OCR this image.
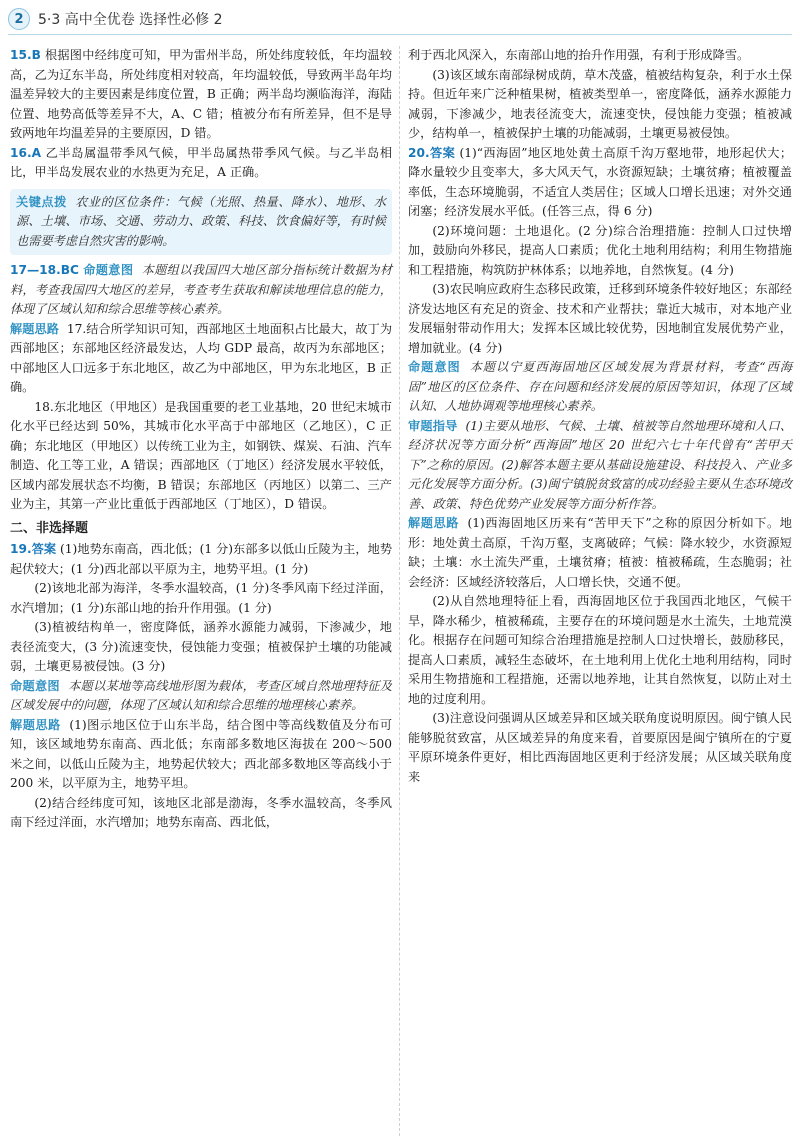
2	5·3 高中全优卷 选择性必修 2

15.B 根据图中经纬度可知，甲为雷州半岛，所处纬度较低，年均温较高，乙为辽东半岛，所处纬度相对较高，年均温较低，导致两半岛年均温差异较大的主要因素是纬度位置，B 正确；两半岛均濒临海洋，海陆位置、地势高低等差异不大，A、C 错；植被分布有所差异，但不是导致两地年均温差异的主要原因，D 错。

16.A 乙半岛属温带季风气候，甲半岛属热带季风气候。与乙半岛相比，甲半岛发展农业的水热更为充足，A 正确。

关键点拨 农业的区位条件：气候（光照、热量、降水）、地形、水源、土壤、市场、交通、劳动力、政策、科技、饮食偏好等，有时候也需要考虑自然灾害的影响。

17—18.BC 命题意图 本题组以我国四大地区部分指标统计数据为材料，考查我国四大地区的差异，考查考生获取和解读地理信息的能力，体现了区域认知和综合思维等核心素养。

解题思路 17.结合所学知识可知，西部地区土地面积占比最大，故丁为西部地区；东部地区经济最发达，人均 GDP 最高，故丙为东部地区；中部地区人口远多于东北地区，故乙为中部地区，甲为东北地区，B 正确。

18.东北地区（甲地区）是我国重要的老工业基地，20 世纪末城市化水平已经达到 50%，其城市化水平高于中部地区（乙地区），C 正确；东北地区（甲地区）以传统工业为主，如钢铁、煤炭、石油、汽车制造、化工等工业，A 错误；西部地区（丁地区）经济发展水平较低，区域内部发展状态不均衡，B 错误；东部地区（丙地区）以第二、三产业为主，其第一产业比重低于西部地区（丁地区），D 错误。

二、非选择题

19.答案 (1)地势东南高，西北低；(1 分)东部多以低山丘陵为主，地势起伏较大；(1 分)西北部以平原为主，地势平坦。(1 分)

(2)该地北部为海洋，冬季水温较高，(1 分)冬季风南下经过洋面，水汽增加；(1 分)东部山地的抬升作用强。(1 分)

(3)植被结构单一，密度降低，涵养水源能力减弱，下渗减少，地表径流变大，(3 分)流速变快，侵蚀能力变强；植被保护土壤的功能减弱，土壤更易被侵蚀。(3 分)

命题意图 本题以某地等高线地形图为载体，考查区域自然地理特征及区域发展中的问题，体现了区域认知和综合思维的地理核心素养。

解题思路 (1)图示地区位于山东半岛，结合图中等高线数值及分布可知，该区域地势东南高、西北低；东南部多数地区海拔在 200～500 米之间，以低山丘陵为主，地势起伏较大；西北部多数地区等高线小于 200 米，以平原为主，地势平坦。

(2)结合经纬度可知，该地区北部是渤海，冬季水温较高，冬季风南下经过洋面，水汽增加；地势东南高、西北低，

利于西北风深入，东南部山地的抬升作用强，有利于形成降雪。

(3)该区域东南部绿树成荫，草木茂盛，植被结构复杂，利于水土保持。但近年来广泛种植果树，植被类型单一，密度降低，涵养水源能力减弱，下渗减少，地表径流变大，流速变快，侵蚀能力变强；植被减少，结构单一，植被保护土壤的功能减弱，土壤更易被侵蚀。

20.答案 (1)“西海固”地区地处黄土高原千沟万壑地带，地形起伏大；降水量较少且变率大，多大风天气，水资源短缺；土壤贫瘠；植被覆盖率低，生态环境脆弱，不适宜人类居住；区域人口增长迅速；对外交通闭塞；经济发展水平低。(任答三点，得 6 分)

(2)环境问题：土地退化。(2 分)综合治理措施：控制人口过快增加，鼓励向外移民，提高人口素质；优化土地利用结构；利用生物措施和工程措施，构筑防护林体系；以地养地，自然恢复。(4 分)

(3)农民响应政府生态移民政策，迁移到环境条件较好地区；东部经济发达地区有充足的资金、技术和产业帮扶；靠近大城市，对本地产业发展辐射带动作用大；发挥本区域比较优势，因地制宜发展优势产业，增加就业。(4 分)

命题意图 本题以宁夏西海固地区区域发展为背景材料，考查“西海固”地区的区位条件、存在问题和经济发展的原因等知识，体现了区域认知、人地协调观等地理核心素养。

审题指导 (1)主要从地形、气候、土壤、植被等自然地理环境和人口、经济状况等方面分析“西海固”地区 20 世纪六七十年代曾有“苦甲天下”之称的原因。(2)解答本题主要从基础设施建设、科技投入、产业多元化发展等方面分析。(3)闽宁镇脱贫致富的成功经验主要从生态环境改善、政策、特色优势产业发展等方面分析作答。

解题思路 (1)西海固地区历来有“苦甲天下”之称的原因分析如下。地形：地处黄土高原，千沟万壑，支离破碎；气候：降水较少，水资源短缺；土壤：水土流失严重，土壤贫瘠；植被：植被稀疏，生态脆弱；社会经济：区域经济较落后，人口增长快，交通不便。

(2)从自然地理特征上看，西海固地区位于我国西北地区，气候干旱，降水稀少，植被稀疏，主要存在的环境问题是水土流失，土地荒漠化。根据存在问题可知综合治理措施是控制人口过快增长，鼓励移民，提高人口素质，减轻生态破坏，在土地利用上优化土地利用结构，同时采用生物措施和工程措施，还需以地养地，让其自然恢复，以防止对土地的过度利用。

(3)注意设问强调从区域差异和区域关联角度说明原因。闽宁镇人民能够脱贫致富，从区域差异的角度来看，首要原因是闽宁镇所在的宁夏平原环境条件更好，相比西海固地区更利于经济发展；从区域关联角度来
